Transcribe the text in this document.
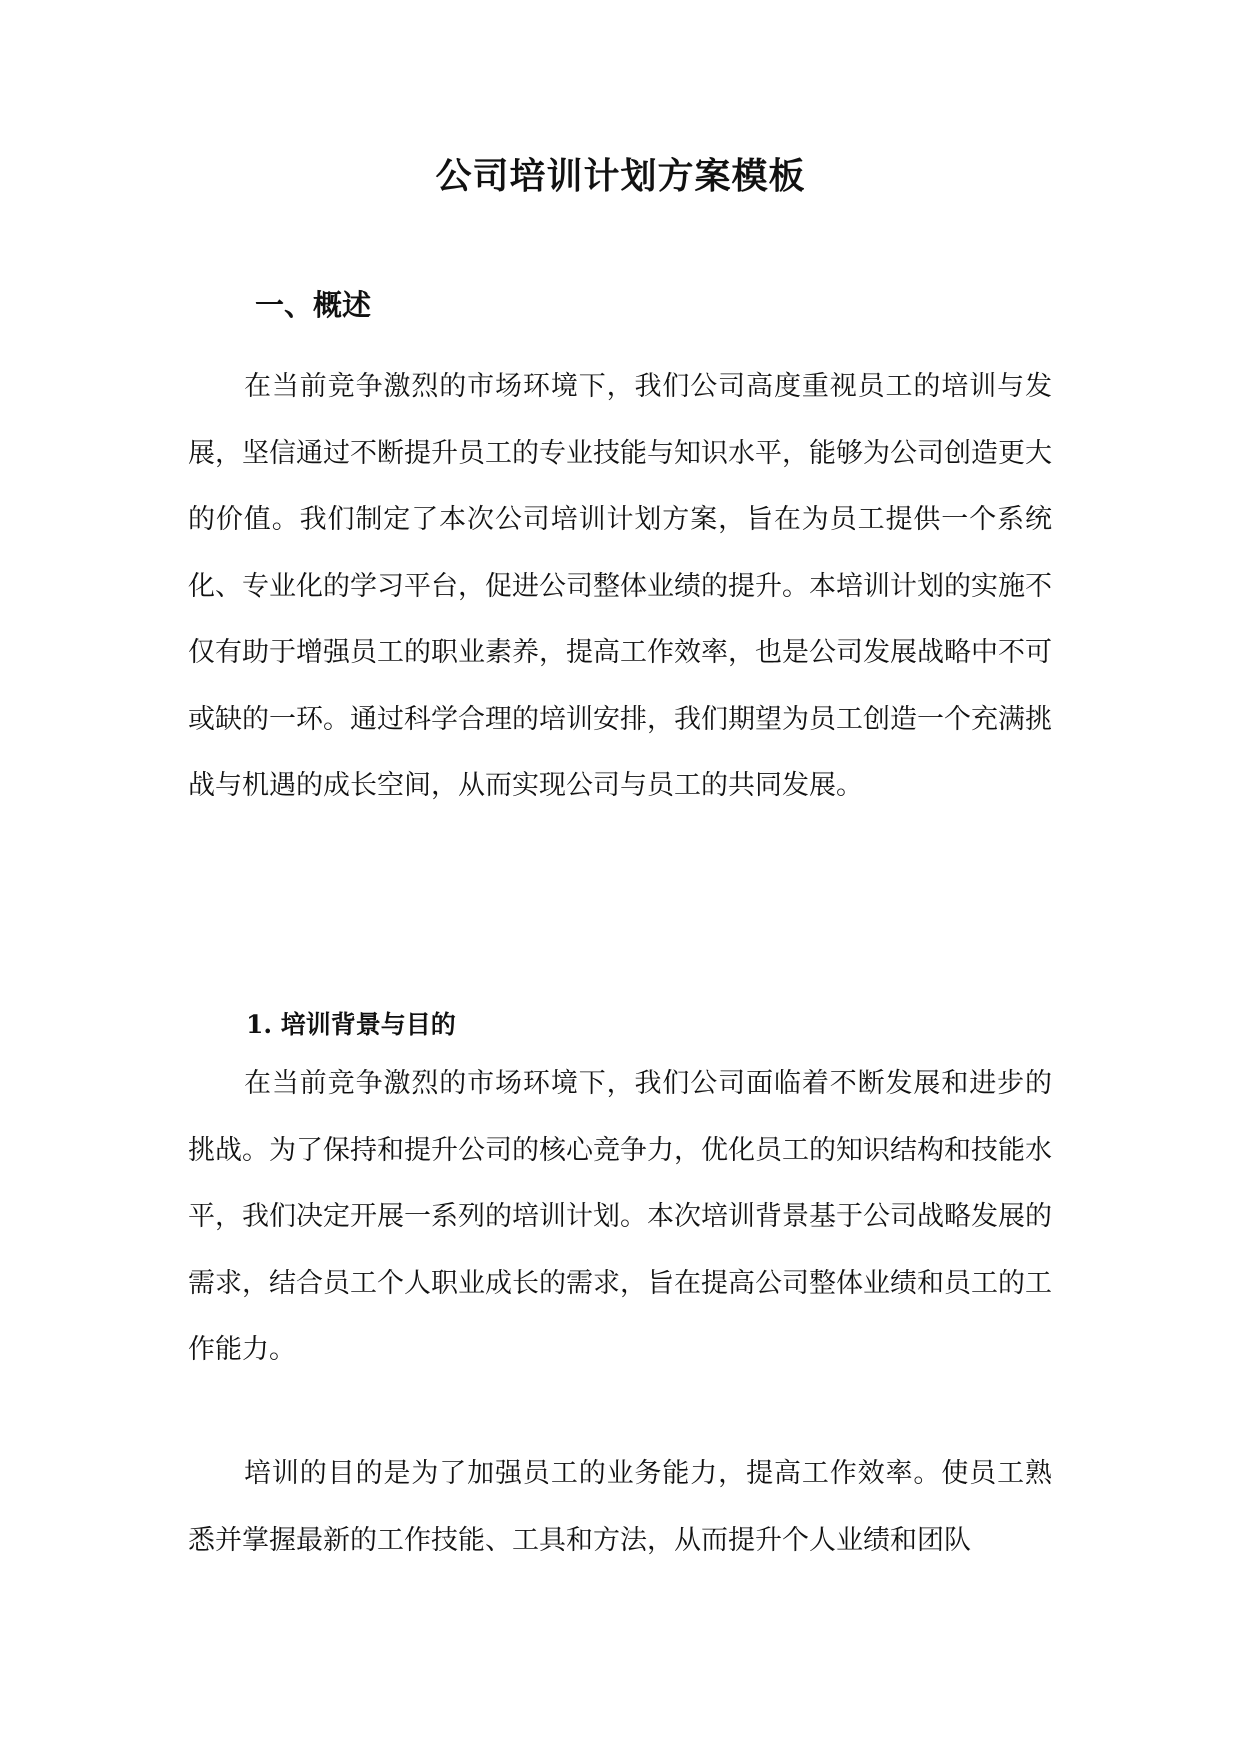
公司培训计划方案模板
一、概述

在当前竞争激烈的市场环境下，我们公司高度重视员工的培训与发展，坚信通过不断提升员工的专业技能与知识水平，能够为公司创造更大的价值。我们制定了本次公司培训计划方案，旨在为员工提供一个系统化、专业化的学习平台，促进公司整体业绩的提升。本培训计划的实施不仅有助于增强员工的职业素养，提高工作效率，也是公司发展战略中不可或缺的一环。通过科学合理的培训安排，我们期望为员工创造一个充满挑战与机遇的成长空间，从而实现公司与员工的共同发展。

1. 培训背景与目的

在当前竞争激烈的市场环境下，我们公司面临着不断发展和进步的挑战。为了保持和提升公司的核心竞争力，优化员工的知识结构和技能水平，我们决定开展一系列的培训计划。本次培训背景基于公司战略发展的需求，结合员工个人职业成长的需求，旨在提高公司整体业绩和员工的工作能力。

培训的目的是为了加强员工的业务能力，提高工作效率。使员工熟悉并掌握最新的工作技能、工具和方法，从而提升个人业绩和团队
